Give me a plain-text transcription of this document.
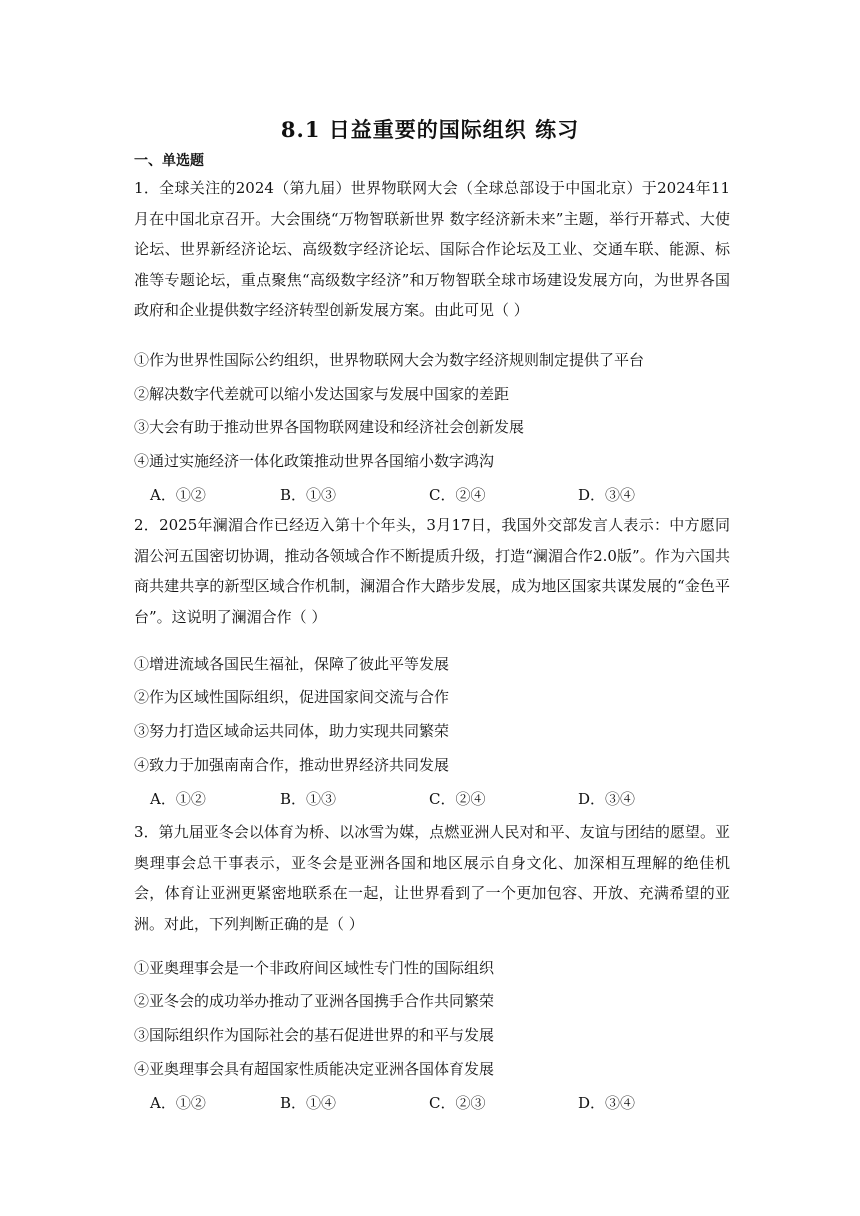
8.1 日益重要的国际组织 练习
一、单选题
1．全球关注的2024（第九届）世界物联网大会（全球总部设于中国北京）于2024年11月在中国北京召开。大会围绕“万物智联新世界 数字经济新未来”主题，举行开幕式、大使论坛、世界新经济论坛、高级数字经济论坛、国际合作论坛及工业、交通车联、能源、标准等专题论坛，重点聚焦“高级数字经济”和万物智联全球市场建设发展方向，为世界各国政府和企业提供数字经济转型创新发展方案。由此可见（ ）
①作为世界性国际公约组织，世界物联网大会为数字经济规则制定提供了平台
②解决数字代差就可以缩小发达国家与发展中国家的差距
③大会有助于推动世界各国物联网建设和经济社会创新发展
④通过实施经济一体化政策推动世界各国缩小数字鸿沟
A．①②	B．①③	C．②④	D．③④
2．2025年澜湄合作已经迈入第十个年头，3月17日，我国外交部发言人表示：中方愿同湄公河五国密切协调，推动各领域合作不断提质升级，打造“澜湄合作2.0版”。作为六国共商共建共享的新型区域合作机制，澜湄合作大踏步发展，成为地区国家共谋发展的“金色平台”。这说明了澜湄合作（ ）
①增进流域各国民生福祉，保障了彼此平等发展
②作为区域性国际组织，促进国家间交流与合作
③努力打造区域命运共同体，助力实现共同繁荣
④致力于加强南南合作，推动世界经济共同发展
A．①②	B．①③	C．②④	D．③④
3．第九届亚冬会以体育为桥、以冰雪为媒，点燃亚洲人民对和平、友谊与团结的愿望。亚奥理事会总干事表示，亚冬会是亚洲各国和地区展示自身文化、加深相互理解的绝佳机会，体育让亚洲更紧密地联系在一起，让世界看到了一个更加包容、开放、充满希望的亚洲。对此，下列判断正确的是（ ）
①亚奥理事会是一个非政府间区域性专门性的国际组织
②亚冬会的成功举办推动了亚洲各国携手合作共同繁荣
③国际组织作为国际社会的基石促进世界的和平与发展
④亚奥理事会具有超国家性质能决定亚洲各国体育发展
A．①②	B．①④	C．②③	D．③④
